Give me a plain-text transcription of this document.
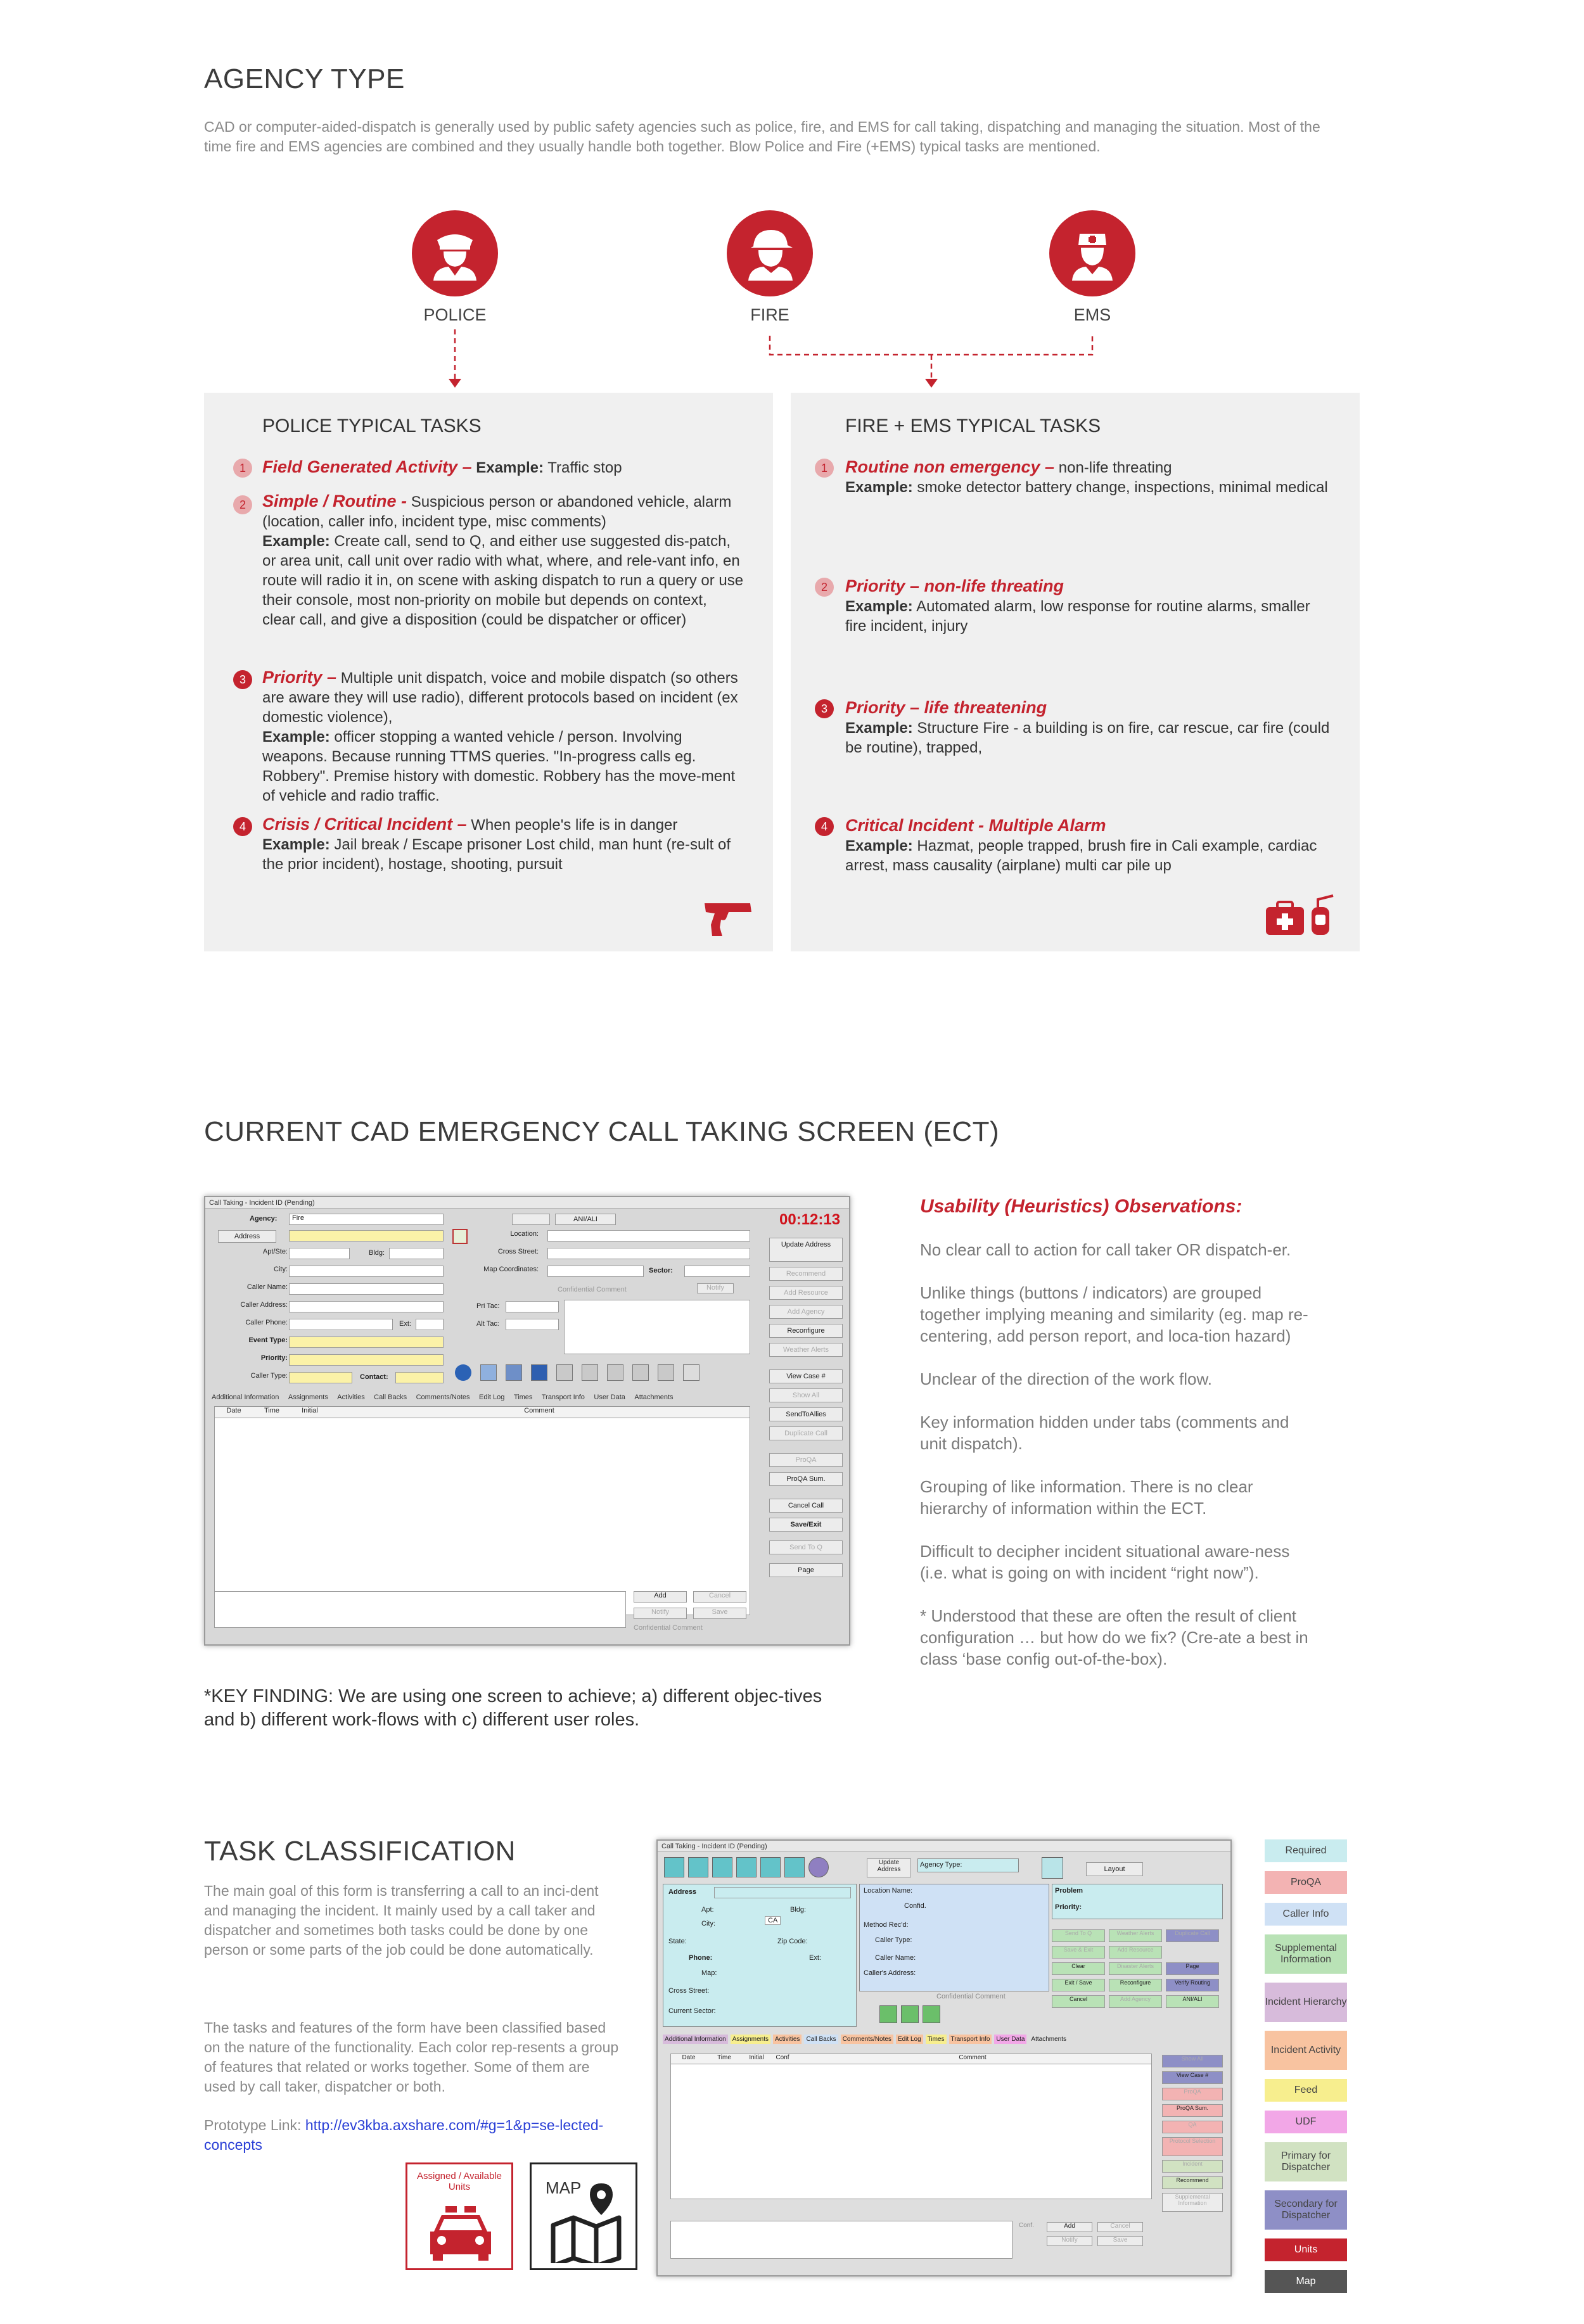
AGENCY TYPE
CAD or computer-aided-dispatch is generally used by public safety agencies such as police, fire, and EMS for call taking, dispatching and managing the situation. Most of the time fire and EMS agencies are combined and they usually handle both together. Blow Police and Fire (+EMS) typical tasks are mentioned.
POLICE	FIRE	EMS
POLICE TYPICAL TASKS
1 Field Generated Activity – Example: Traffic stop
2 Simple / Routine - Suspicious person or abandoned vehicle, alarm (location, caller info, incident type, misc comments)
Example: Create call, send to Q, and either use suggested dis-patch, or area unit, call unit over radio with what, where, and rele-vant info, en route will radio it in, on scene with asking dispatch to run a query or use their console, most non-priority on mobile but depends on context, clear call, and give a disposition (could be dispatcher or officer)
3 Priority – Multiple unit dispatch, voice and mobile dispatch (so others are aware they will use radio), different protocols based on incident (ex domestic violence),
Example: officer stopping a wanted vehicle / person. Involving weapons. Because running TTMS queries. "In-progress calls eg. Robbery". Premise history with domestic. Robbery has the move-ment of vehicle and radio traffic.
4 Crisis / Critical Incident – When people's life is in danger
Example: Jail break / Escape prisoner Lost child, man hunt (re-sult of the prior incident), hostage, shooting, pursuit
FIRE + EMS TYPICAL TASKS
1	Routine non emergency – non-life threating
Example: smoke detector battery change, inspections, minimal medical
2	Priority – non-life threating
Example: Automated alarm, low response for routine alarms, smaller fire incident, injury
3	Priority – life threatening
Example: Structure Fire - a building is on fire, car rescue, car fire (could be routine), trapped,
4	Critical Incident - Multiple Alarm
Example: Hazmat, people trapped, brush fire in Cali example, cardiac arrest, mass causality (airplane) multi car pile up
CURRENT CAD EMERGENCY CALL TAKING SCREEN (ECT)
Call Taking - Incident ID (Pending)
Agency:	Fire
Address
ANI/ALI
Apt/Ste:
City:
Caller Name:
Caller Address:
Caller Phone:
Event Type:
Priority:
Caller Type:
Bldg:
Ext:
Contact:
Location:
Cross Street:
Map Coordinates:	Sector:
Confidential Comment	Notify
Pri Tac:
Alt Tac:
Additional Information Assignments Activities Call Backs Comments/Notes Edit Log Times Transport Info User Data Attachments
Date	Time	Initial	Comment
Add	Cancel
Notify	Save
Confidential Comment
00:12:13
Update Address
Recommend
Add Resource
Add Agency
Reconfigure
Weather Alerts
View Case #
Show All
SendToAllies
Duplicate Call
ProQA
ProQA Sum.
Cancel Call
Save/Exit
Send To Q
Page
*KEY FINDING: We are using one screen to achieve; a) different objec-tives and b) different work-flows with c) different user roles.
Usability (Heuristics) Observations:

No clear call to action for call taker OR dispatch-er.

Unlike things (buttons / indicators) are grouped together implying meaning and similarity (eg. map re-centering, add person report, and loca-tion hazard)

Unclear of the direction of the work flow.

Key information hidden under tabs (comments and unit dispatch).

Grouping of like information. There is no clear hierarchy of information within the ECT.

Difficult to decipher incident situational aware-ness (i.e. what is going on with incident “right now”).

* Understood that these are often the result of client configuration … but how do we fix? (Cre-ate a best in class ‘base config out-of-the-box).

TASK CLASSIFICATION
The main goal of this form is transferring a call to an inci-dent and managing the incident. It mainly used by a call taker and dispatcher and sometimes both tasks could be done by one person or some parts of the job could be done automatically.
The tasks and features of the form have been classified based on the nature of the functionality. Each color rep-resents a group of features that related or works together. Some of them are used by call taker, dispatcher or both.
Prototype Link: http://ev3kba.axshare.com/#g=1&p=se-lected-concepts
Assigned / Available Units	MAP
Call Taking - Incident ID (Pending)
Update Address
Agency Type:
Layout
Address
Apt:	Bldg:
City:	CA
State:	Zip Code:
Phone:	Ext:
Map:
Cross Street:
Current Sector:
Location Name:
Confid.
Method Rec'd:
Caller Type:
Caller Name:
Caller's Address:
Confidential Comment
Problem
Priority:
Send To Q	Weather Alerts	Duplicate Call
Save & Exit	Add Resource
Clear	Disaster Alerts	Page
Exit / Save	Reconfigure	Verify Routing
Cancel	Add Agency	ANI/ALI
Additional Information	Assignments	Activities	Call Backs	Comments/Notes	Edit Log	Times	Transport Info	User Data	Attachments
Date	Time	Initial	Conf	Comment
Conf.	Add	Cancel
Notify	Save
Show All
View Case #
ProQA
ProQA Sum.
QA
Protocol Selection
Incident
Recommend
Supplemental Information
Required
ProQA
Caller Info
Supplemental Information
Incident Hierarchy
Incident Activity
Feed
UDF
Primary for Dispatcher
Secondary for Dispatcher
Units
Map
